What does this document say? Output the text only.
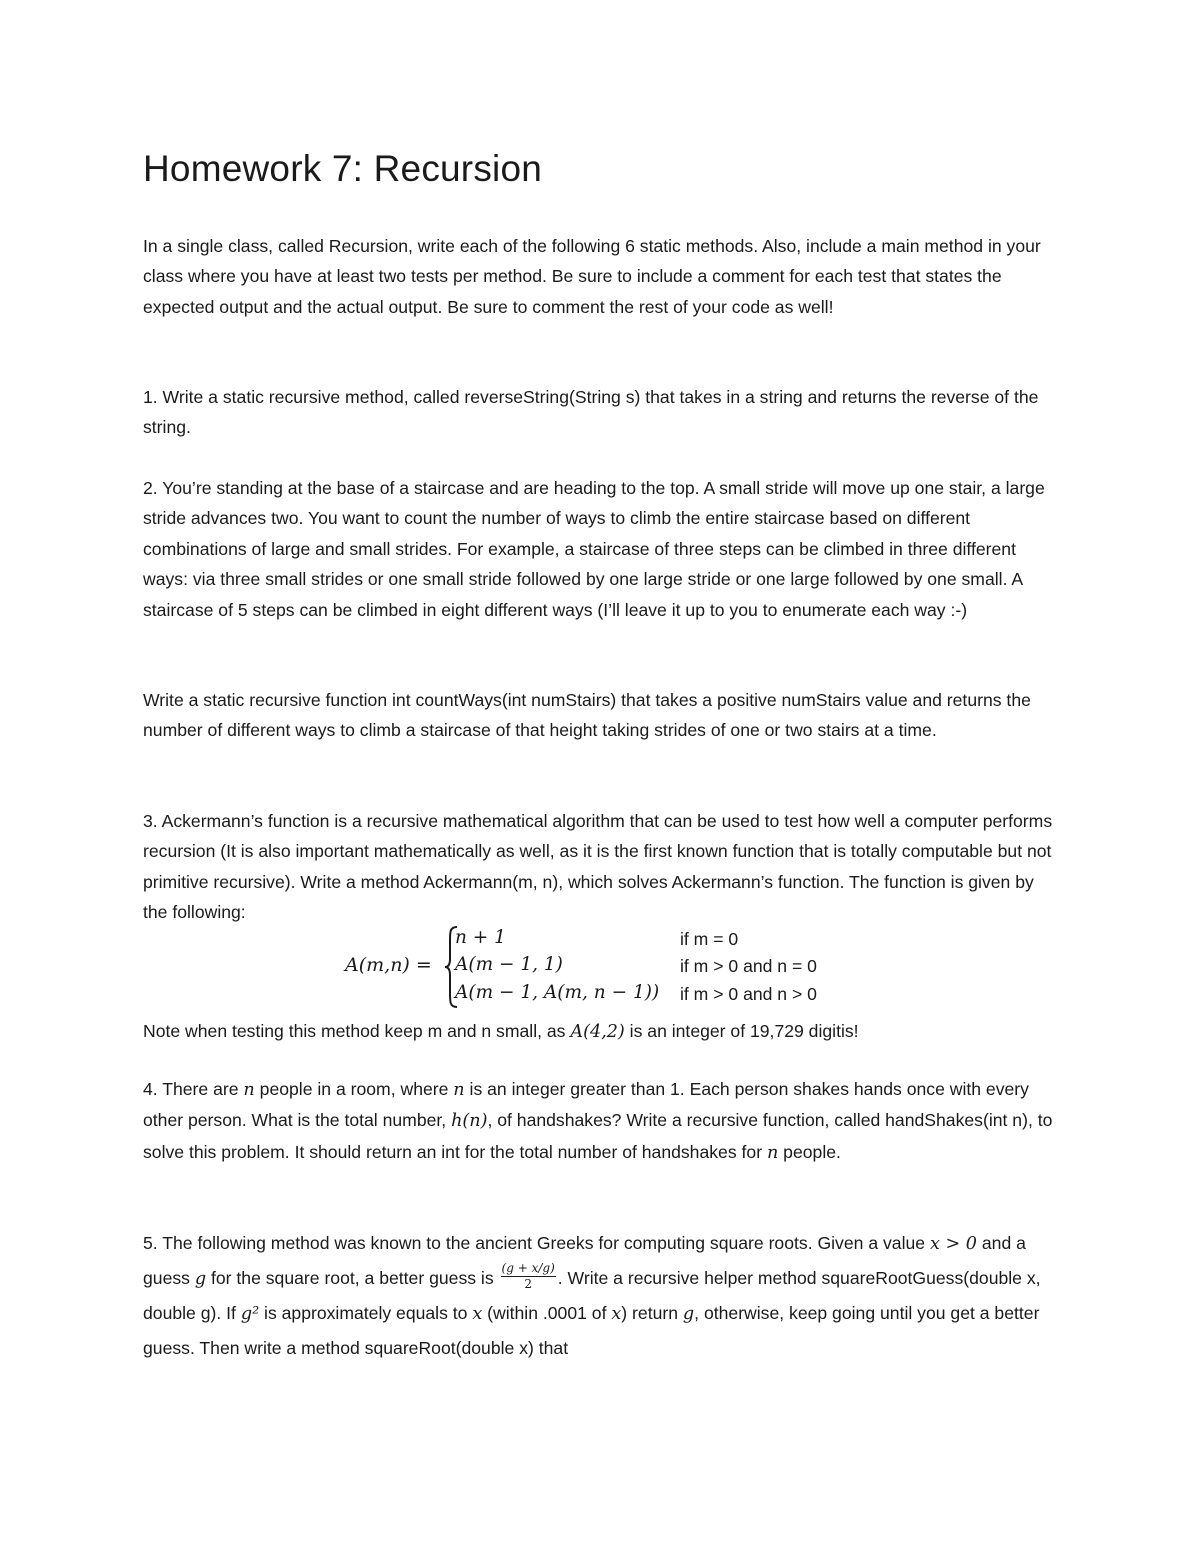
Homework 7: Recursion

In a single class, called Recursion, write each of the following 6 static methods. Also, include a main method in your class where you have at least two tests per method. Be sure to include a comment for each test that states the expected output and the actual output. Be sure to comment the rest of your code as well!

1. Write a static recursive method, called reverseString(String s) that takes in a string and returns the reverse of the string.

2. You’re standing at the base of a staircase and are heading to the top. A small stride will move up one stair, a large stride advances two. You want to count the number of ways to climb the entire staircase based on different combinations of large and small strides. For example, a staircase of three steps can be climbed in three different ways: via three small strides or one small stride followed by one large stride or one large followed by one small. A staircase of 5 steps can be climbed in eight different ways (I’ll leave it up to you to enumerate each way :-)

Write a static recursive function int countWays(int numStairs) that takes a positive numStairs value and returns the number of different ways to climb a staircase of that height taking strides of one or two stairs at a time.

3. Ackermann’s function is a recursive mathematical algorithm that can be used to test how well a computer performs recursion (It is also important mathematically as well, as it is the first known function that is totally computable but not primitive recursive). Write a method Ackermann(m, n), which solves Ackermann’s function. The function is given by the following:

A(m,n) =
n + 1	if m = 0
A(m − 1, 1)	if m > 0 and n = 0
A(m − 1, A(m, n − 1)) if m > 0 and n > 0

Note when testing this method keep m and n small, as A(4,2) is an integer of 19,729 digitis!

4. There are n people in a room, where n is an integer greater than 1. Each person shakes hands once with every other person. What is the total number, h(n), of handshakes? Write a recursive function, called handShakes(int n), to solve this problem. It should return an int for the total number of handshakes for n people.

5. The following method was known to the ancient Greeks for computing square roots. Given a value x > 0 and a guess g for the square root, a better guess is $\frac{(g + x/g)}{2}$ . Write a recursive helper method squareRootGuess(double x, double g). If g² is approximately equals to x (within .0001 of x) return g, otherwise, keep going until you get a better guess. Then write a method squareRoot(double x) that
